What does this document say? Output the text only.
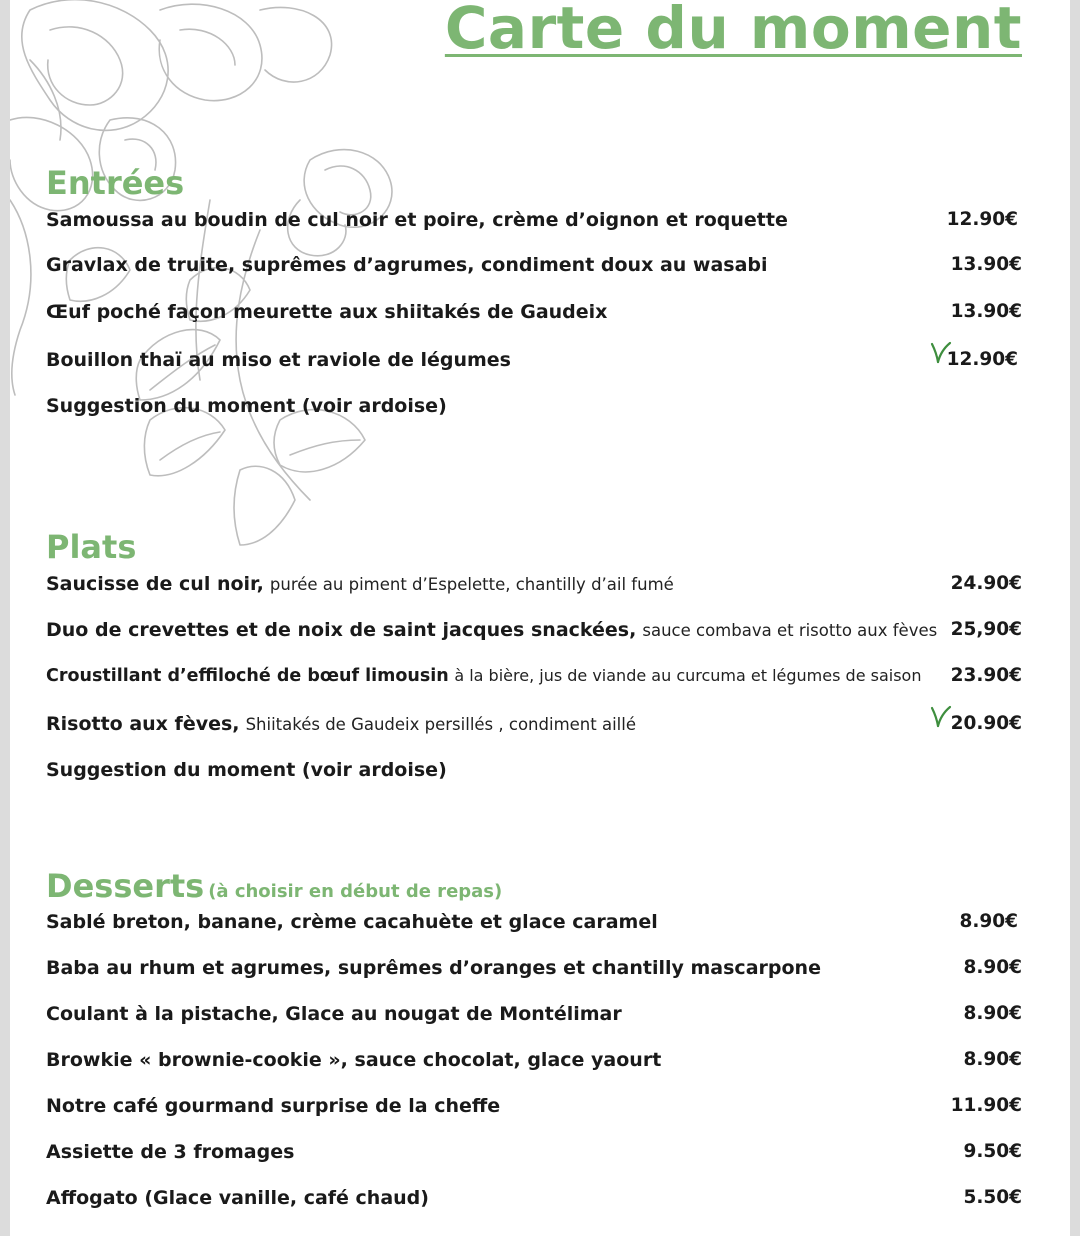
Carte du moment
Entrées
Samoussa au boudin de cul noir et poire, crème d’oignon et roquette	12.90€
Gravlax de truite, suprêmes d’agrumes, condiment doux au wasabi	13.90€
Œuf poché façon meurette aux shiitakés de Gaudeix	13.90€
Bouillon thaï au miso et raviole de légumes	12.90€
Suggestion du moment (voir ardoise)
Plats
Saucisse de cul noir, purée au piment d’Espelette, chantilly d’ail fumé	24.90€
Duo de crevettes et de noix de saint jacques snackées, sauce combava et risotto aux fèves 25,90€
Croustillant d’effiloché de bœuf limousin à la bière, jus de viande au curcuma et légumes de saison 23.90€
Risotto aux fèves, Shiitakés de Gaudeix persillés , condiment aillé	20.90€
Suggestion du moment (voir ardoise)
Desserts (à choisir en début de repas)
Sablé breton, banane, crème cacahuète et glace caramel	8.90€
Baba au rhum et agrumes, suprêmes d’oranges et chantilly mascarpone	8.90€
Coulant à la pistache, Glace au nougat de Montélimar	8.90€
Browkie « brownie-cookie », sauce chocolat, glace yaourt	8.90€
Notre café gourmand surprise de la cheffe	11.90€
Assiette de 3 fromages	9.50€
Affogato (Glace vanille, café chaud)	5.50€
